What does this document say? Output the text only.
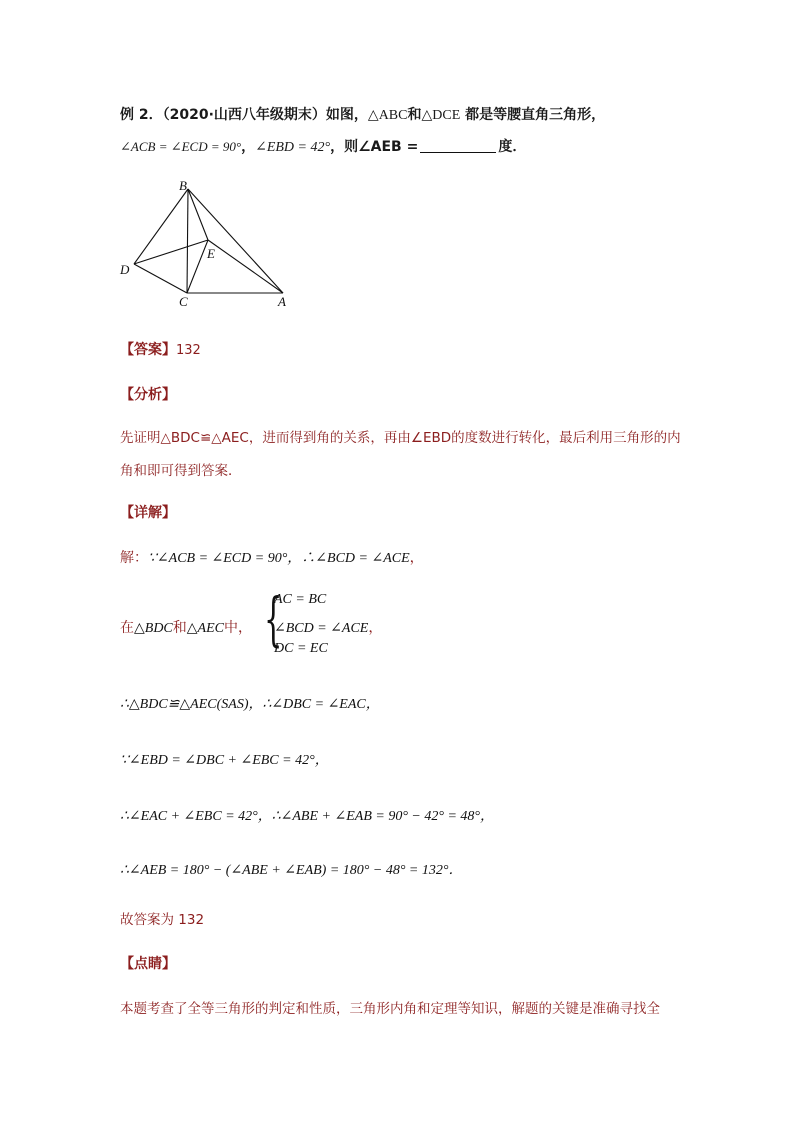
例 2．（2020·山西八年级期末）如图，△ABC和△DCE 都是等腰直角三角形，
∠ACB = ∠ECD = 90°，∠EBD = 42°，则∠AEB =	度．
B
D
E
C	A
【答案】132
【分析】
先证明△BDC≌△AEC，进而得到角的关系，再由∠EBD的度数进行转化，最后利用三角形的内
角和即可得到答案．
【详解】
解：∵∠ACB = ∠ECD = 90°，∴∠BCD = ∠ACE，
在△BDC和△AEC中， {
AC = BC
∠BCD = ∠ACE，
DC = EC
∴△BDC≌△AEC(SAS)，∴∠DBC = ∠EAC，
∵∠EBD = ∠DBC + ∠EBC = 42°，
∴∠EAC + ∠EBC = 42°，∴∠ABE + ∠EAB = 90° − 42° = 48°，
∴∠AEB = 180° − (∠ABE + ∠EAB) = 180° − 48° = 132°．
故答案为 132
【点睛】
本题考查了全等三角形的判定和性质，三角形内角和定理等知识，解题的关键是准确寻找全
